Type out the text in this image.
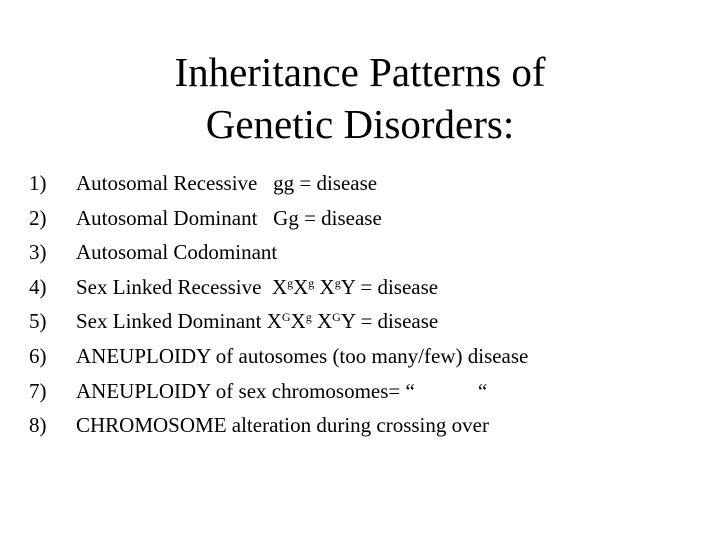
Inheritance Patterns of
Genetic Disorders:
1) Autosomal Recessive   gg = disease
2) Autosomal Dominant   Gg = disease
3) Autosomal Codominant
4) Sex Linked Recessive  $X^gX^g$ $X^gY$ = disease
5) Sex Linked Dominant $X^GX^g$ $X^GY$ = disease
6) ANEUPLOIDY of autosomes (too many/few) disease
7) ANEUPLOIDY of sex chromosomes= “            “
8) CHROMOSOME alteration during crossing over
